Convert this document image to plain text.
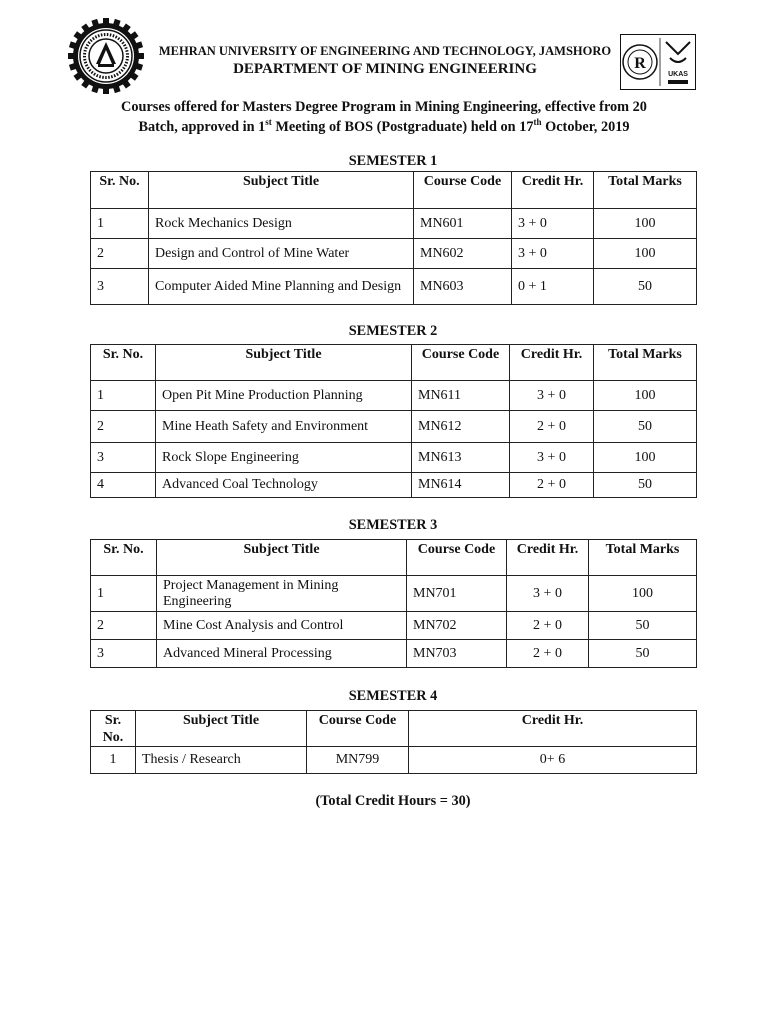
R
UKAS
MEHRAN UNIVERSITY OF ENGINEERING AND TECHNOLOGY, JAMSHORO
DEPARTMENT OF MINING ENGINEERING
Courses offered for Masters Degree Program in Mining Engineering, effective from 20
Batch, approved in 1st Meeting of BOS (Postgraduate) held on 17th October, 2019
SEMESTER 1
Sr. No.	Subject Title	Course Code	Credit Hr.	Total Marks
1	Rock Mechanics Design	MN601	3 + 0	100
2	Design and Control of Mine Water	MN602	3 + 0	100
3	Computer Aided Mine Planning and Design	MN603	0 + 1	50
SEMESTER 2
Sr. No.	Subject Title	Course Code	Credit Hr.	Total Marks
1	Open Pit Mine Production Planning	MN611	3 + 0	100
2	Mine Heath Safety and Environment	MN612	2 + 0	50
3	Rock Slope Engineering	MN613	3 + 0	100
4	Advanced Coal Technology	MN614	2 + 0	50
SEMESTER 3
Sr. No.	Subject Title	Course Code	Credit Hr.	Total Marks
1	Project Management in Mining Engineering	MN701	3 + 0	100
2	Mine Cost Analysis and Control	MN702	2 + 0	50
3	Advanced Mineral Processing	MN703	2 + 0	50
SEMESTER 4
Sr. No.	Subject Title	Course Code	Credit Hr.
1	Thesis / Research	MN799	0+ 6
(Total Credit Hours = 30)
